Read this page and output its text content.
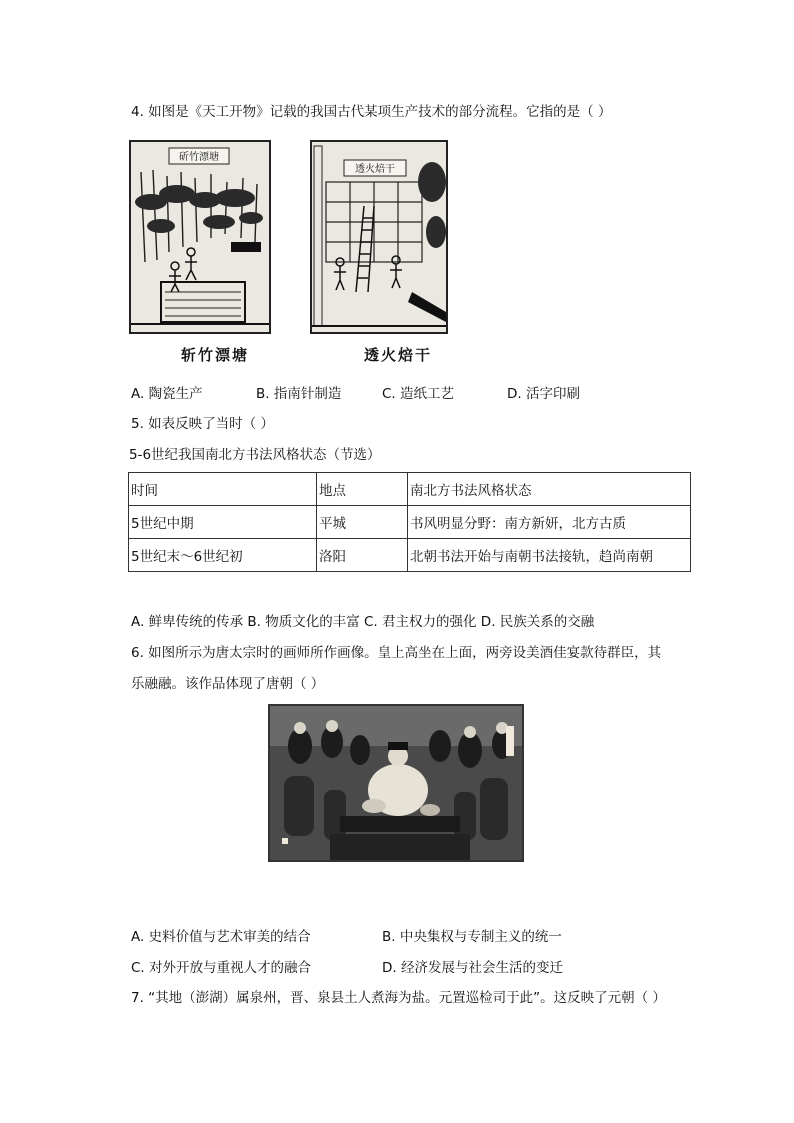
4. 如图是《天工开物》记载的我国古代某项生产技术的部分流程。它指的是（ ）
斫竹漂塘
斩竹漂塘
透火焙干
透火焙干
A. 陶瓷生产	B. 指南针制造	C. 造纸工艺	D. 活字印刷
5. 如表反映了当时（ ）
5-6世纪我国南北方书法风格状态（节选）
时间	地点	南北方书法风格状态
5世纪中期	平城	书风明显分野：南方新妍，北方古质
5世纪末～6世纪初	洛阳	北朝书法开始与南朝书法接轨，趋尚南朝
A. 鲜卑传统的传承 B. 物质文化的丰富 C. 君主权力的强化 D. 民族关系的交融
6. 如图所示为唐太宗时的画师所作画像。皇上高坐在上面，两旁设美酒佳宴款待群臣，其
乐融融。该作品体现了唐朝（ ）
A. 史料价值与艺术审美的结合	B. 中央集权与专制主义的统一
C. 对外开放与重视人才的融合	D. 经济发展与社会生活的变迁
7. “其地（澎湖）属泉州，晋、泉县土人煮海为盐。元置巡检司于此”。这反映了元朝（ ）
